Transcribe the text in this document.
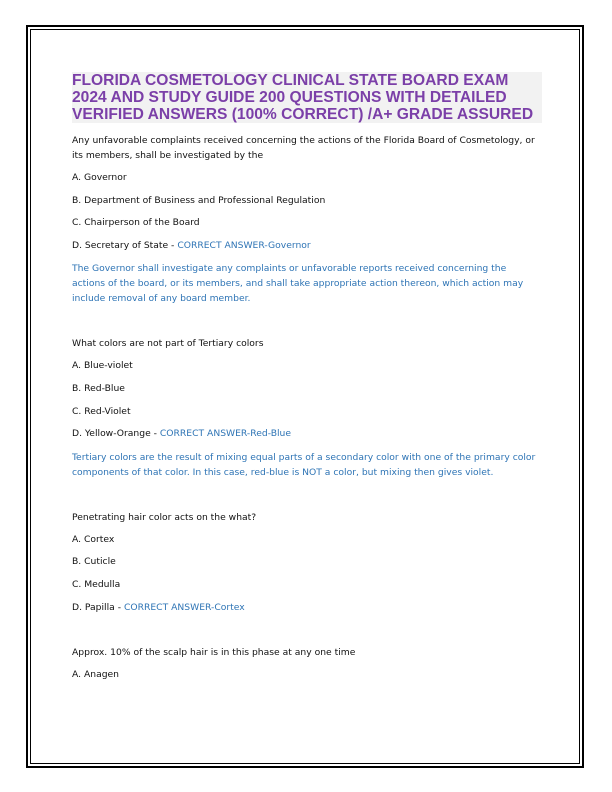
FLORIDA COSMETOLOGY CLINICAL STATE BOARD EXAM 2024 AND STUDY GUIDE 200 QUESTIONS WITH DETAILED VERIFIED ANSWERS (100% CORRECT) /A+ GRADE ASSURED

Any unfavorable complaints received concerning the actions of the Florida Board of Cosmetology, or its members, shall be investigated by the

A. Governor

B. Department of Business and Professional Regulation

C. Chairperson of the Board

D. Secretary of State - CORRECT ANSWER-Governor

The Governor shall investigate any complaints or unfavorable reports received concerning the actions of the board, or its members, and shall take appropriate action thereon, which action may include removal of any board member.

What colors are not part of Tertiary colors

A. Blue-violet

B. Red-Blue

C. Red-Violet

D. Yellow-Orange - CORRECT ANSWER-Red-Blue

Tertiary colors are the result of mixing equal parts of a secondary color with one of the primary color components of that color. In this case, red-blue is NOT a color, but mixing then gives violet.

Penetrating hair color acts on the what?

A. Cortex

B. Cuticle

C. Medulla

D. Papilla - CORRECT ANSWER-Cortex

Approx. 10% of the scalp hair is in this phase at any one time

A. Anagen
